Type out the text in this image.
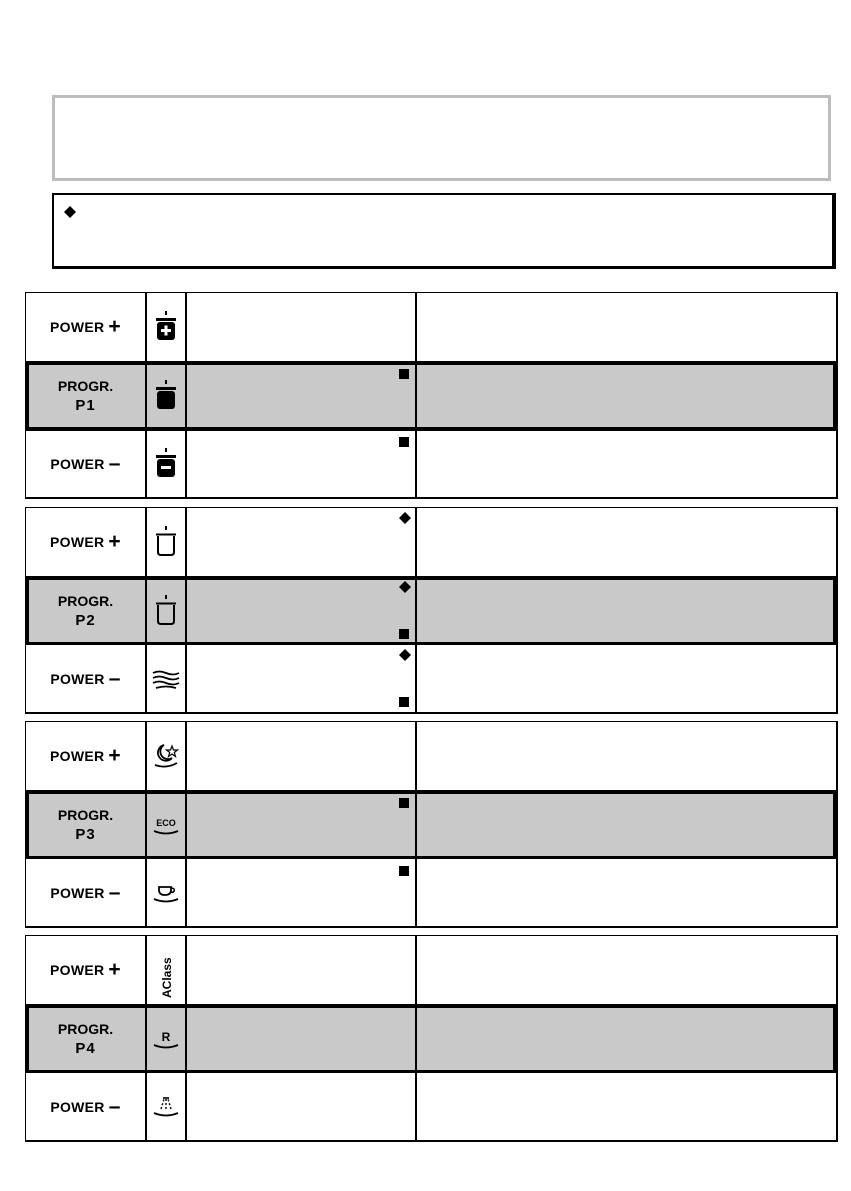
POWER +
PROGR.
P1
POWER –
POWER +
PROGR.
P2
POWER –
POWER +
PROGR.
P3
ECO
POWER –
POWER +	AClass
PROGR.
P4
R
POWER –
